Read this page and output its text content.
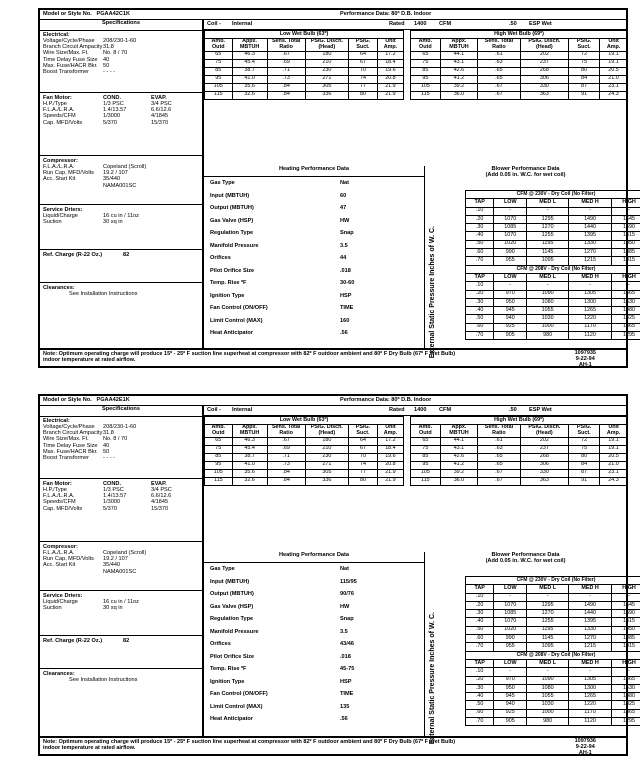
Model or Style No. PGAA42C1K	Performance Data: 80º D.B. Indoor
Specifications
Electrical:
Voltage/Cycle/Phase	208/230-1-60
Branch Circuit Ampacity 31.8
Wire Size/Max. Ft.	No. 8 / 70
Time Delay Fuse Size 40
Max. Fuse/HACR Bkr. 50
Boost Transformer	- - - -
Fan Motor:	COND.	EVAP.
H.P./Type	1/3 PSC	3/4 PSC
F.L.A./L.R.A.	1.4/13.57	6.6/12.6
Speeds/CFM	1/3000	4/1845
Cap. MFD/Volts	5/370	15/370
Compressor:
F.L.A./L.R.A.	Copeland (Scroll)
Run Cap. MFD/Volts	19.2 / 107
Acc. Start Kit	35/440
NAMA001SC
Service Driers:
Liquid/Charge	16 cu in / 11oz
Suction	30 sq in
Ref. Charge (R-22 Oz.)	82
Clearances:
See Installation Instructions
Coil - Internal	Rated 1400 CFM	.50 ESP Wet
Low Wet Bulb (63º)					
Amb. Outd	Appx. MBTUH	Sens. Total Ratio	PSIG. Disch. (Head)	PSIG. Suct.	Unit Amp.
65	46.3	.67	180	64	17.2
75	45.4	.69	210	67	18.4
85	38.7	.71	230	70	19.6
95	41.0	.73	271	74	20.8
105	35.6	.84	305	77	21.9
115	32.6	.84	336	80	21.9
High Wet Bulb (69º)					
Amb. Outd	Appx. MBTUH	Sens. Total Ratio	PSIG. Disch. (Head)	PSIG. Suct.	Unit Amp.
65	44.1	.61	202	72	19.1
75	43.1	.63	237	75	19.1
85	42.6	.65	268	80	20.5
95	41.2	.65	306	84	21.0
105	39.2	.67	330	87	23.1
115	36.0	.67	363	91	24.3
Heating Performance Data
Gas Type	Nat
Input (MBTUH)	60
Output (MBTUH)	47
Gas Valve (HSP)	HW
Regulation Type	Snap
Manifold Pressure	3.5
Orifices	44
Pilot Orifice Size	.018
Temp. Rise ºF	30-60
Ignition Type	HSP
Fan Control (ON/OFF)	TIME
Limit Control (MAX)	160
Heat Anticipator	.56
Blower Performance Data
(Add 0.05 in. W.C. for wet coil)
External Static Pressure Inches of W. C.
CFM @ 230V - Dry Coil (No Filter)				
TAP	LOW	MED L	MED H	HIGH
.10	-	-	-	-
.20	1070	1295	1490	1645
.30	1085	1270	1440	1590
.40	1070	1255	1395	1515
.50	1020	1195	1330	1450
.60	990	1145	1270	1385
.70	955	1095	1215	1315
CFM @ 208V - Dry Coil (No Filter)				
TAP	LOW	MED L	MED H	HIGH
.10	-	-	-	-
.20	970	1090	1305	1565
.30	950	1080	1300	1530
.40	945	1055	1265	1480
.50	940	1030	1220	1425
.60	925	1000	1170	1365
.70	905	980	1120	1295
Note: Optimum operating charge will produce 15º - 25º F suction line superheat at compressor with 82º F outdoor ambient and 80º F Dry Bulb (67º F Wet Bulb) indoor temperature at rated airflow.
Model or Style No. PGAA42E1K	Performance Data: 80º D.B. Indoor
Specifications
Electrical:
Voltage/Cycle/Phase	208/230-1-60
Branch Circuit Ampacity 31.8
Wire Size/Max. Ft.	No. 8 / 70
Time Delay Fuse Size 40
Max. Fuse/HACR Bkr. 50
Boost Transformer	- - - -
Fan Motor:	COND.	EVAP.
H.P./Type	1/3 PSC	3/4 PSC
F.L.A./L.R.A.	1.4/13.57	6.6/12.6
Speeds/CFM	1/3000	4/1845
Cap. MFD/Volts	5/370	15/370
Compressor:
F.L.A./L.R.A.	Copeland (Scroll)
Run Cap. MFD/Volts	19.2 / 107
Acc. Start Kit	35/440
NAMA001SC
Service Driers:
Liquid/Charge	16 cu in / 11oz
Suction	30 sq in
Ref. Charge (R-22 Oz.)	82
Clearances:
See Installation Instructions
Coil - Internal	Rated 1400 CFM	.50 ESP Wet
Low Wet Bulb (63º)					
Amb. Outd	Appx. MBTUH	Sens. Total Ratio	PSIG. Disch. (Head)	PSIG. Suct.	Unit Amp.
65	46.3	.67	180	64	17.2
75	45.4	.69	210	67	18.4
85	38.7	.71	230	70	19.6
95	41.0	.73	271	74	20.8
105	35.6	.84	305	77	21.9
115	32.6	.84	336	80	21.9
High Wet Bulb (69º)					
Amb. Outd	Appx. MBTUH	Sens. Total Ratio	PSIG. Disch. (Head)	PSIG. Suct.	Unit Amp.
65	44.1	.61	202	72	19.1
75	43.1	.63	237	75	19.1
85	42.6	.65	268	80	20.5
95	41.2	.65	306	84	21.0
105	39.2	.67	330	87	23.1
115	36.0	.67	363	91	24.3
Heating Performance Data
Gas Type	Nat
Input (MBTUH)	115/95
Output (MBTUH)	90/76
Gas Valve (HSP)	HW
Regulation Type	Snap
Manifold Pressure	3.5
Orifices	43/46
Pilot Orifice Size	.018
Temp. Rise ºF	45-75
Ignition Type	HSP
Fan Control (ON/OFF)	TIME
Limit Control (MAX)	135
Heat Anticipator	.56
Blower Performance Data
(Add 0.05 in. W.C. for wet coil)
External Static Pressure Inches of W. C.
CFM @ 230V - Dry Coil (No Filter)				
TAP	LOW	MED L	MED H	HIGH
.10	-	-	-	-
.20	1070	1295	1490	1645
.30	1085	1270	1440	1590
.40	1070	1255	1395	1515
.50	1020	1195	1330	1450
.60	990	1145	1270	1385
.70	955	1095	1215	1315
CFM @ 208V - Dry Coil (No Filter)				
TAP	LOW	MED L	MED H	HIGH
.10	-	-	-	-
.20	970	1090	1305	1565
.30	950	1080	1300	1530
.40	945	1055	1265	1480
.50	940	1030	1220	1425
.60	925	1000	1170	1365
.70	905	980	1120	1295
Note: Optimum operating charge will produce 15º - 25º F suction line superheat at compressor with 82º F outdoor ambient and 80º F Dry Bulb (67º F Wet Bulb) indoor temperature at rated airflow.
1097935
9-22-94
AH-1
1097936
9-22-94
AH-1
